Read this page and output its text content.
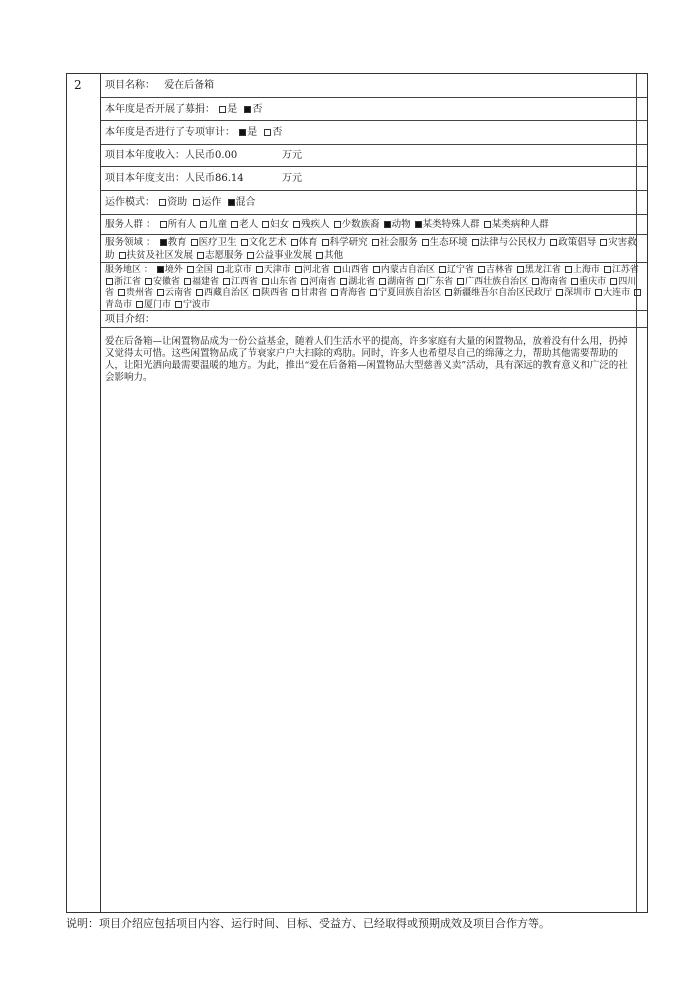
2	项目名称： 爱在后备箱
本年度是否开展了募捐： 是 否
本年度是否进行了专项审计： 是 否
项目本年度收入：人民币0.00	万元
项目本年度支出：人民币86.14	万元
运作模式： 资助 运作 混合
服务人群 ： 所有人 儿童 老人 妇女 残疾人 少数族裔 动物 某类特殊人群 某类病种人群
服务领域 ： 教育 医疗卫生 文化艺术 体育 科学研究 社会服务 生态环境 法律与公民权力 政策倡导 灾害救助 扶贫及社区发展 志愿服务 公益事业发展 其他
服务地区 ： 境外 全国 北京市 天津市 河北省 山西省 内蒙古自治区 辽宁省 吉林省 黑龙江省 上海市 江苏省浙江省 安徽省 福建省 江西省 山东省 河南省 湖北省 湖南省 广东省 广西壮族自治区 海南省 重庆市 四川省 贵州省 云南省 西藏自治区 陕西省 甘肃省 青海省 宁夏回族自治区 新疆维吾尔自治区民政厅 深圳市 大连市青岛市 厦门市 宁波市
项目介绍：
爱在后备箱—让闲置物品成为一份公益基金，随着人们生活水平的提高，许多家庭有大量的闲置物品，放着没有什么用，扔掉又觉得太可惜。这些闲置物品成了节衰家户户大扫除的鸡肋。同时，许多人也希望尽自己的绵薄之力，帮助其他需要帮助的人，让阳光洒向最需要温暖的地方。为此，推出“爱在后备箱—闲置物品大型慈善义卖”活动，具有深远的教育意义和广泛的社会影响力。
说明：项目介绍应包括项目内容、运行时间、目标、受益方、已经取得或预期成效及项目合作方等。
